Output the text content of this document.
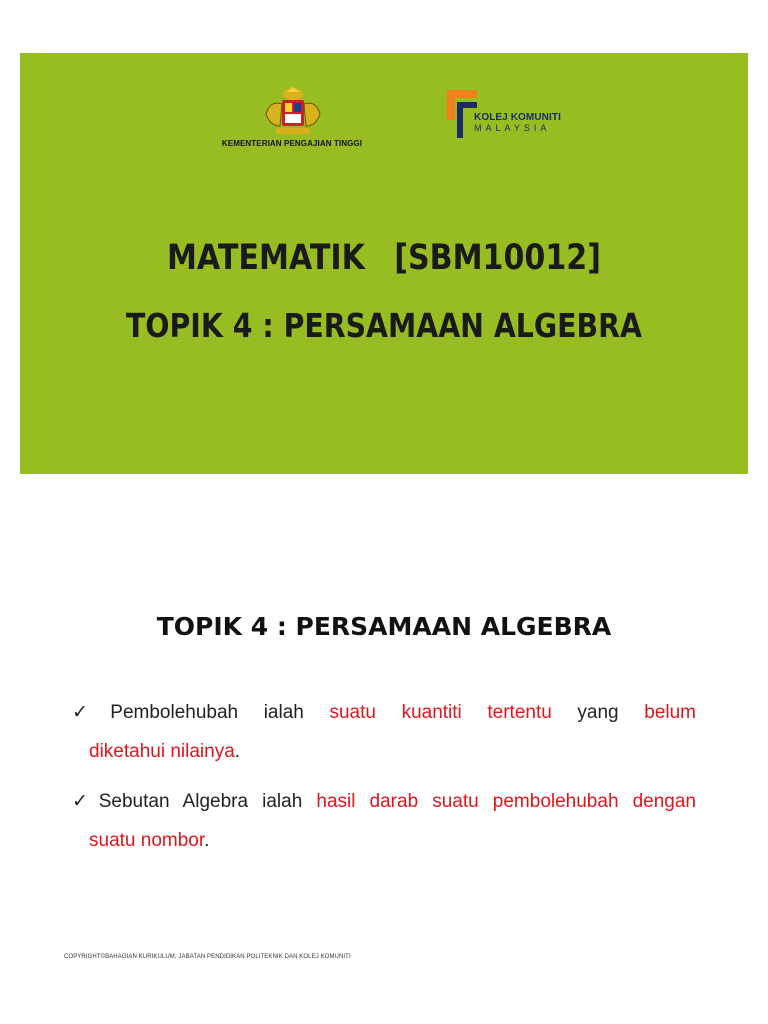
KEMENTERIAN PENGAJIAN TINGGI
KOLEJ KOMUNITI
MALAYSIA
MATEMATIK [SBM10012]
TOPIK 4 : PERSAMAAN ALGEBRA
TOPIK 4 : PERSAMAAN ALGEBRA
✓ Pembolehubah ialah suatu kuantiti tertentu yang belum
diketahui nilainya.
✓ Sebutan Algebra ialah hasil darab suatu pembolehubah dengan
suatu nombor.
COPYRIGHT©BAHAGIAN KURIKULUM, JABATAN PENDIDIKAN POLITEKNIK DAN KOLEJ KOMUNITI
